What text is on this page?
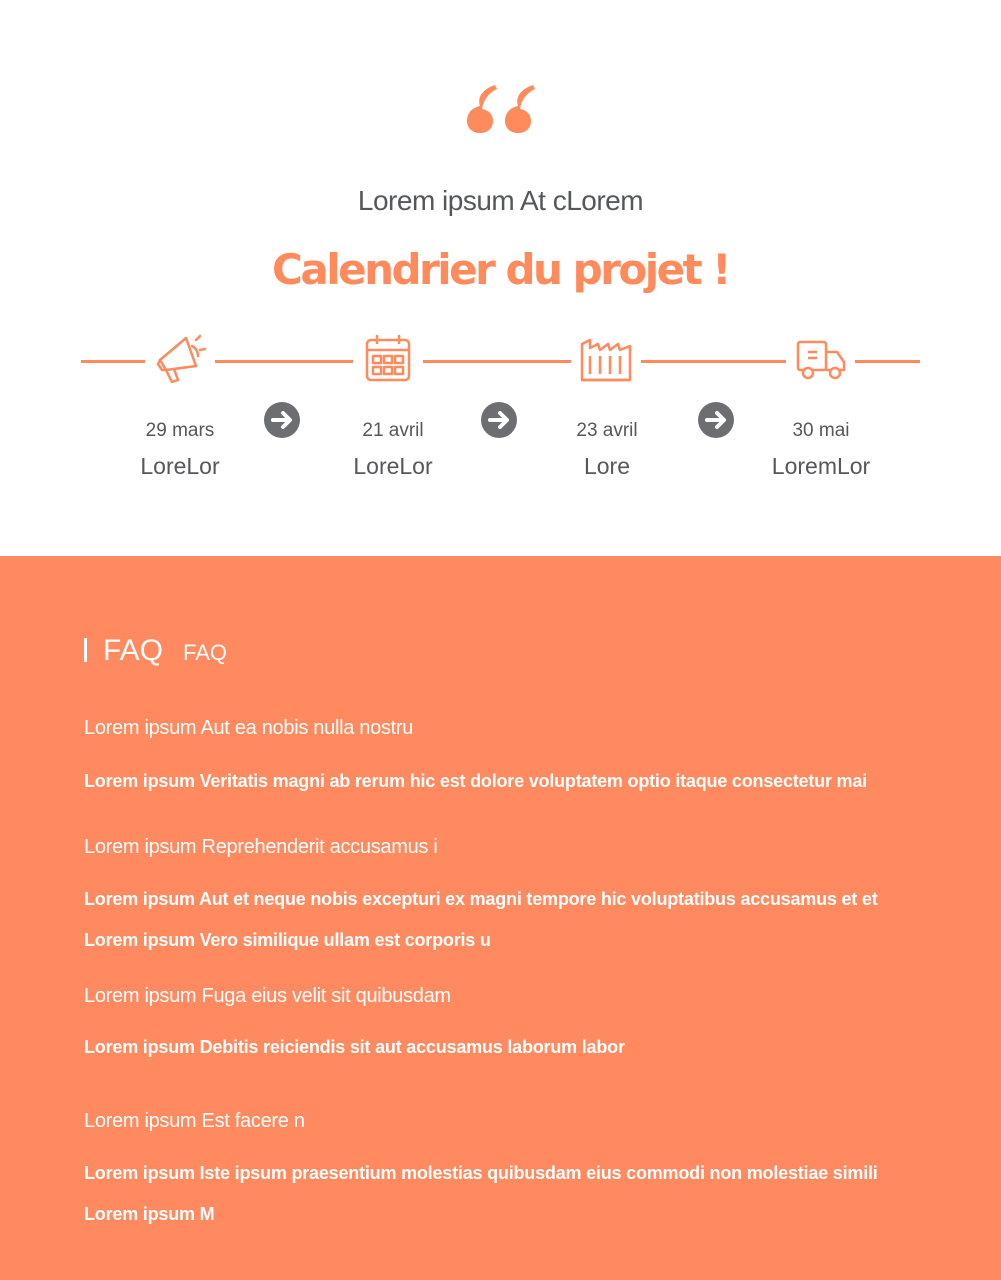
Lorem ipsum At cLorem
Calendrier du projet !
29 mars
LoreLor
21 avril
LoreLor
23 avril
Lore
30 mai
LoremLor
FAQ FAQ
Lorem ipsum Aut ea nobis nulla nostru
Lorem ipsum Veritatis magni ab rerum hic est dolore voluptatem optio itaque consectetur mai
Lorem ipsum Reprehenderit accusamus i
Lorem ipsum Aut et neque nobis excepturi ex magni tempore hic voluptatibus accusamus et et
Lorem ipsum Vero similique ullam est corporis u
Lorem ipsum Fuga eius velit sit quibusdam
Lorem ipsum Debitis reiciendis sit aut accusamus laborum labor
Lorem ipsum Est facere n
Lorem ipsum Iste ipsum praesentium molestias quibusdam eius commodi non molestiae simili
Lorem ipsum M
